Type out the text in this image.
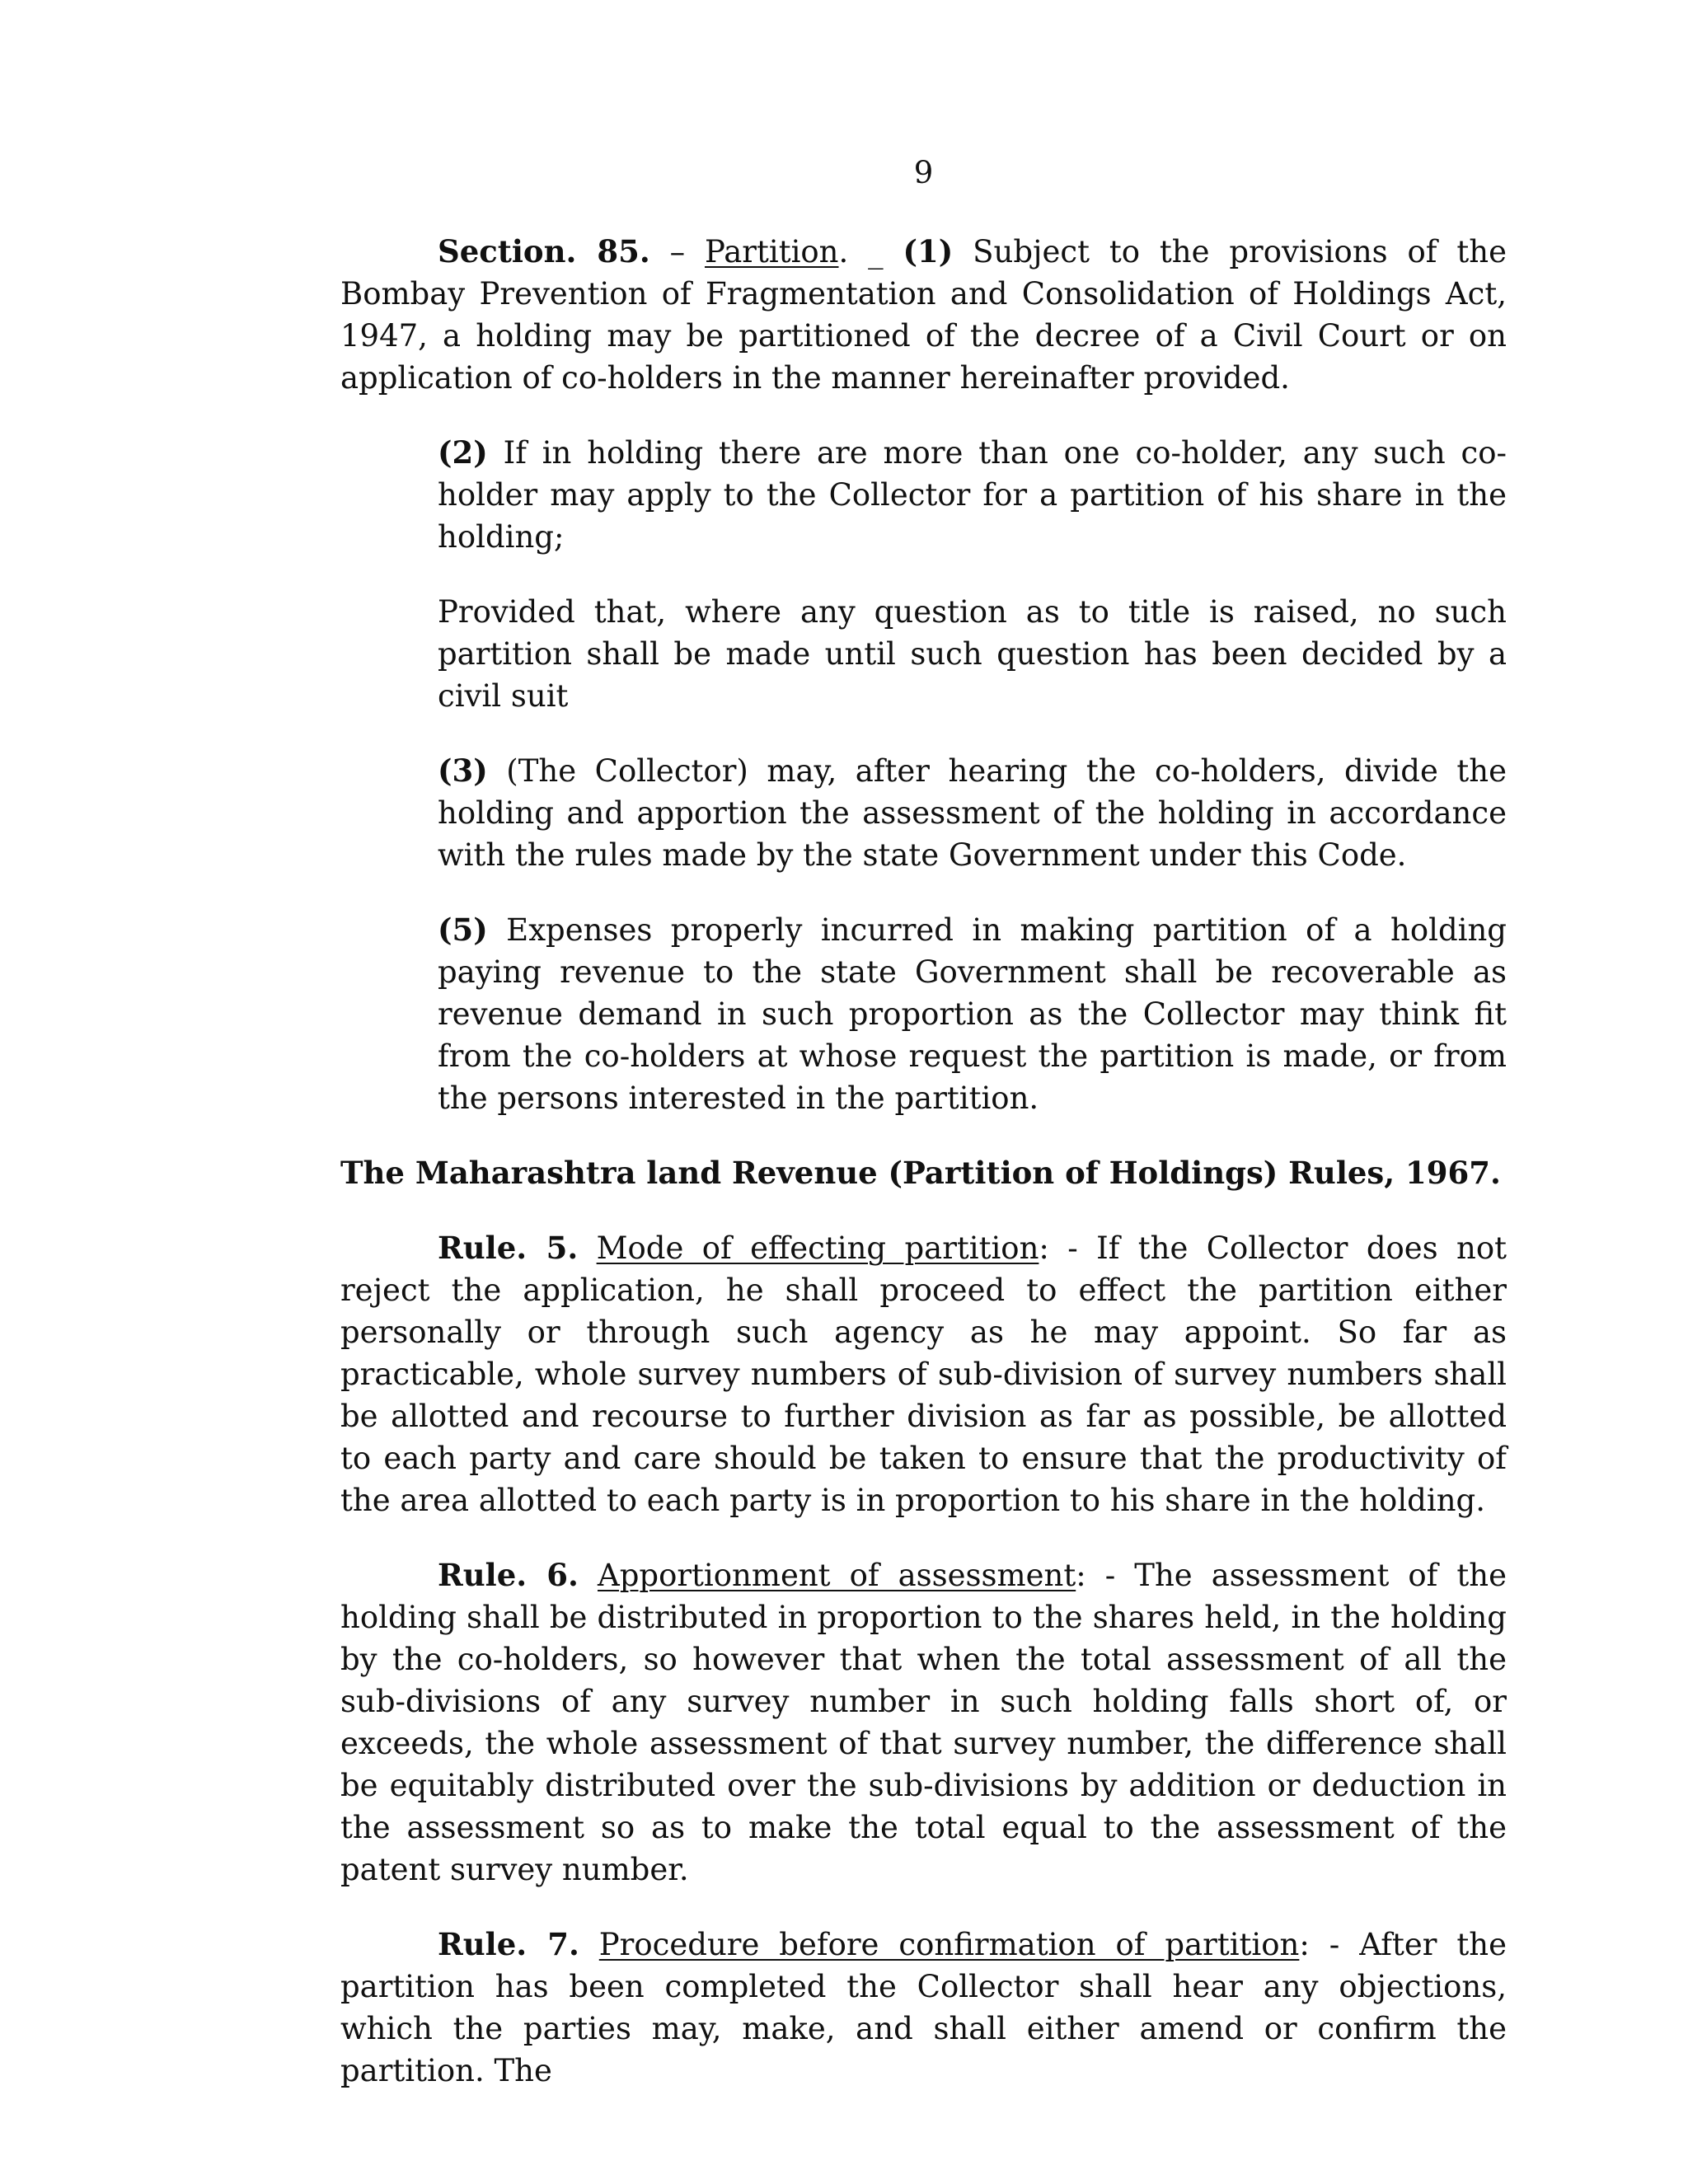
9

Section. 85. – Partition. _ (1) Subject to the provisions of the Bombay Prevention of Fragmentation and Consolidation of Holdings Act, 1947, a holding may be partitioned of the decree of a Civil Court or on application of co-holders in the manner hereinafter provided.

(2) If in holding there are more than one co-holder, any such co-holder may apply to the Collector for a partition of his share in the holding;

Provided that, where any question as to title is raised, no such partition shall be made until such question has been decided by a civil suit

(3) (The Collector) may, after hearing the co-holders, divide the holding and apportion the assessment of the holding in accordance with the rules made by the state Government under this Code.

(5) Expenses properly incurred in making partition of a holding paying revenue to the state Government shall be recoverable as revenue demand in such proportion as the Collector may think fit from the co-holders at whose request the partition is made, or from the persons interested in the partition.

The Maharashtra land Revenue (Partition of Holdings) Rules, 1967.

Rule. 5. Mode of effecting partition: - If the Collector does not reject the application, he shall proceed to effect the partition either personally or through such agency as he may appoint. So far as practicable, whole survey numbers of sub-division of survey numbers shall be allotted and recourse to further division as far as possible, be allotted to each party and care should be taken to ensure that the productivity of the area allotted to each party is in proportion to his share in the holding.

Rule. 6. Apportionment of assessment: - The assessment of the holding shall be distributed in proportion to the shares held, in the holding by the co-holders, so however that when the total assessment of all the sub-divisions of any survey number in such holding falls short of, or exceeds, the whole assessment of that survey number, the difference shall be equitably distributed over the sub-divisions by addition or deduction in the assessment so as to make the total equal to the assessment of the patent survey number.

Rule. 7. Procedure before confirmation of partition: - After the partition has been completed the Collector shall hear any objections, which the parties may, make, and shall either amend or confirm the partition. The
